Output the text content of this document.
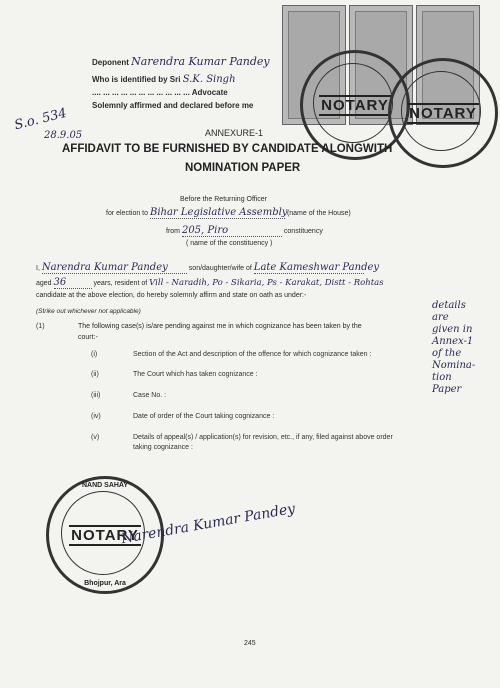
NOTARY NOTARY
Deponent Narendra Kumar Pandey
Who is identified by Sri S.K. Singh
.... ... ... ... ... ... ... ... ... ... ... Advocate
Solemnly affirmed and declared before me
S.o. 534
28.9.05	ANNEXURE-1
AFFIDAVIT TO BE FURNISHED BY CANDIDATE ALONGWITH
NOMINATION PAPER
Before the Returning Officer
for election to Bihar Legislative Assembly (name of the House)
from 205, Piro	constituency
( name of the constituency )
I, Narendra Kumar Pandey	son/daughter/wife of Late Kameshwar Pandey
aged 36	years, resident of Vill - Naradih, Po - Sikaria, Ps - Karakat, Distt - Rohtas
candidate at the above election, do hereby solemnly affirm and state on oath as under:-
(Strike out whichever not applicable)
(1)	The following case(s) is/are pending against me in which cognizance has been taken by the
court:-
(i)	Section of the Act and description of the offence for which cognizance taken :
(ii)	The Court which has taken cognizance :
(iii)	Case No. :
(iv)	Date of order of the Court taking cognizance :
(v)	Details of appeal(s) / application(s) for revision, etc., if any, filed against above order
taking cognizance :
details
are
given in
Annex-1
of the
Nomina-
tion
Paper
NAND SAHAY
NOTARY
Bhojpur, Ara
Narendra Kumar Pandey
245
